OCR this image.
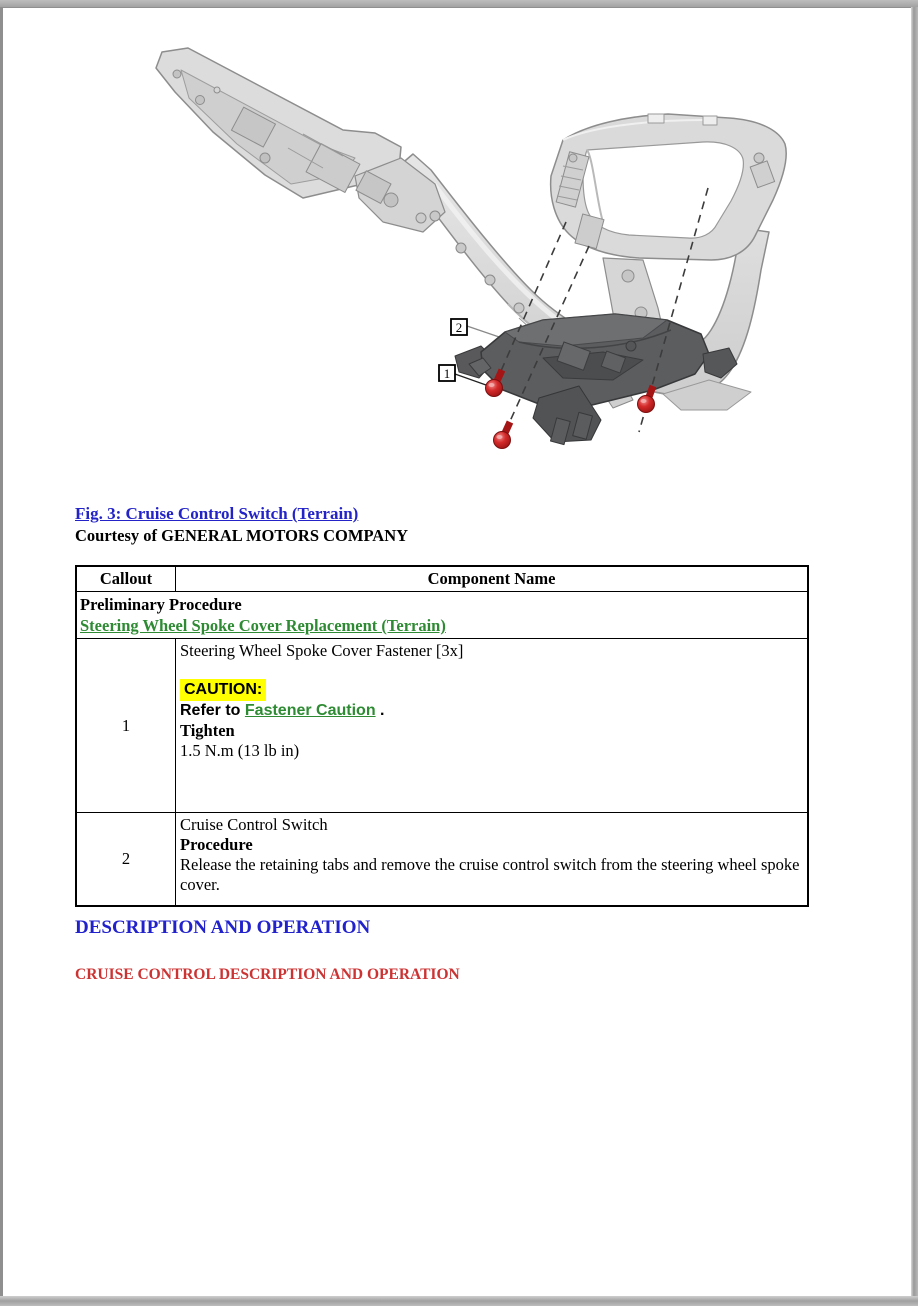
2
1
Fig. 3: Cruise Control Switch (Terrain)
Courtesy of GENERAL MOTORS COMPANY
Callout	Component Name

Preliminary Procedure
Steering Wheel Spoke Cover Replacement (Terrain)	

1	Steering Wheel Spoke Cover Fastener [3x]

CAUTION:

Refer to Fastener Caution .

Tighten

1.5 N.m (13 lb in)

2	Cruise Control Switch

Procedure

Release the retaining tabs and remove the cruise control switch from the steering wheel spoke cover.

DESCRIPTION AND OPERATION
CRUISE CONTROL DESCRIPTION AND OPERATION
